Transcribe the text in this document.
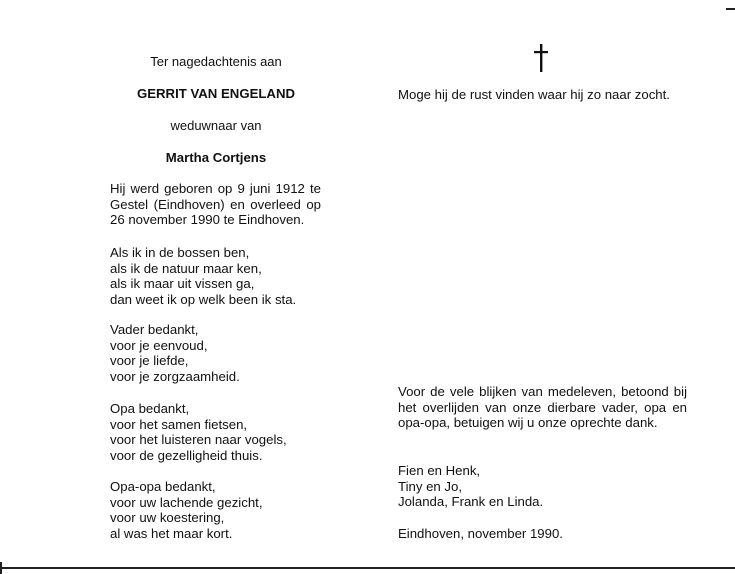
Ter nagedachtenis aan
GERRIT VAN ENGELAND
weduwnaar van
Martha Cortjens
Hij werd geboren op 9 juni 1912 te Gestel (Eindhoven) en overleed op 26 november 1990 te Eindhoven.
Als ik in de bossen ben,
als ik de natuur maar ken,
als ik maar uit vissen ga,
dan weet ik op welk been ik sta.
Vader bedankt,
voor je eenvoud,
voor je liefde,
voor je zorgzaamheid.
Opa bedankt,
voor het samen fietsen,
voor het luisteren naar vogels,
voor de gezelligheid thuis.
Opa-opa bedankt,
voor uw lachende gezicht,
voor uw koestering,
al was het maar kort.
Moge hij de rust vinden waar hij zo naar zocht.
Voor de vele blijken van medeleven, betoond bij het overlijden van onze dierbare vader, opa en opa-opa, betuigen wij u onze oprechte dank.
Fien en Henk,
Tiny en Jo,
Jolanda, Frank en Linda.
Eindhoven, november 1990.
